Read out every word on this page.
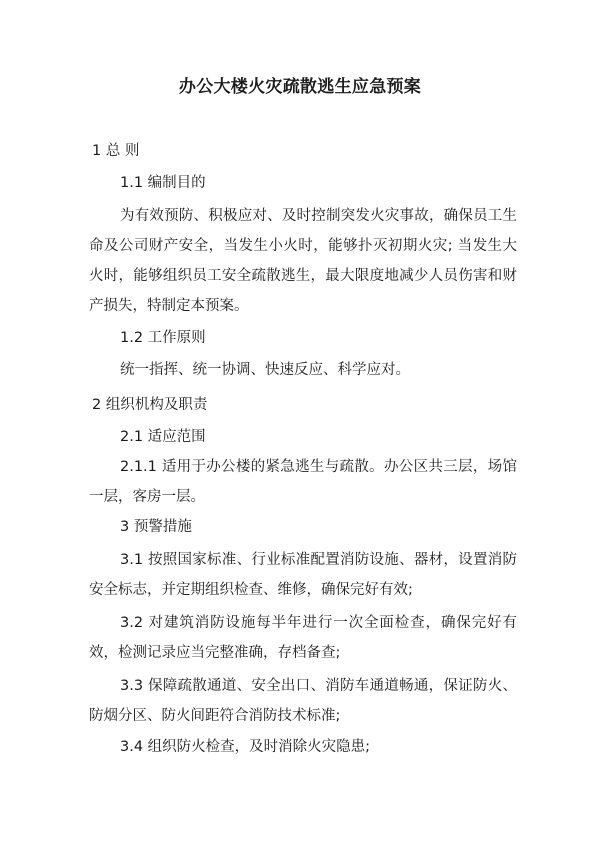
办公大楼火灾疏散逃生应急预案
1 总 则
1.1 编制目的
为有效预防、积极应对、及时控制突发火灾事故，确保员工生命及公司财产安全，当发生小火时，能够扑灭初期火灾; 当发生大火时，能够组织员工安全疏散逃生，最大限度地减少人员伤害和财产损失，特制定本预案。
1.2 工作原则
统一指挥、统一协调、快速反应、科学应对。
2 组织机构及职责
2.1 适应范围
2.1.1 适用于办公楼的紧急逃生与疏散。办公区共三层，场馆一层，客房一层。
3 预警措施
3.1 按照国家标准、行业标准配置消防设施、器材，设置消防安全标志，并定期组织检查、维修，确保完好有效;
3.2 对建筑消防设施每半年进行一次全面检查，确保完好有效，检测记录应当完整准确，存档备查;
3.3 保障疏散通道、安全出口、消防车通道畅通，保证防火、防烟分区、防火间距符合消防技术标准;
3.4 组织防火检查，及时消除火灾隐患;
